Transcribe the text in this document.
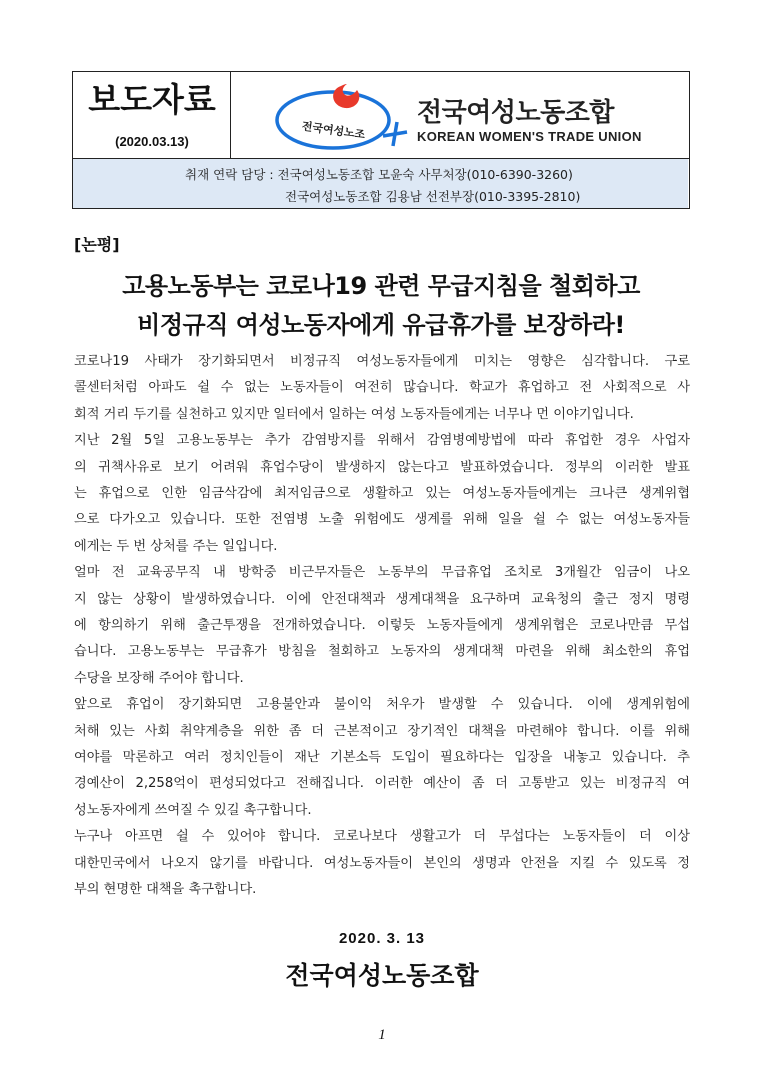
보도자료
(2020.03.13)
전국여성노조
전국여성노동조합
KOREAN WOMEN'S TRADE UNION
취재 연락 담당 : 전국여성노동조합 모윤숙 사무처장(010-6390-3260)
전국여성노동조합 김용남 선전부장(010-3395-2810)
[논평]
고용노동부는 코로나19 관련 무급지침을 철회하고
비정규직 여성노동자에게 유급휴가를 보장하라!
코로나19 사태가 장기화되면서 비정규직 여성노동자들에게 미치는 영향은 심각합니다. 구로
콜센터처럼 아파도 쉴 수 없는 노동자들이 여전히 많습니다. 학교가 휴업하고 전 사회적으로 사
회적 거리 두기를 실천하고 있지만 일터에서 일하는 여성 노동자들에게는 너무나 먼 이야기입니다.
지난 2월 5일 고용노동부는 추가 감염방지를 위해서 감염병예방법에 따라 휴업한 경우 사업자
의 귀책사유로 보기 어려워 휴업수당이 발생하지 않는다고 발표하였습니다. 정부의 이러한 발표
는 휴업으로 인한 임금삭감에 최저임금으로 생활하고 있는 여성노동자들에게는 크나큰 생계위협
으로 다가오고 있습니다. 또한 전염병 노출 위험에도 생계를 위해 일을 쉴 수 없는 여성노동자들
에게는 두 번 상처를 주는 일입니다.
얼마 전 교육공무직 내 방학중 비근무자들은 노동부의 무급휴업 조치로 3개월간 임금이 나오
지 않는 상황이 발생하였습니다. 이에 안전대책과 생계대책을 요구하며 교육청의 출근 정지 명령
에 항의하기 위해 출근투쟁을 전개하였습니다. 이렇듯 노동자들에게 생계위협은 코로나만큼 무섭
습니다. 고용노동부는 무급휴가 방침을 철회하고 노동자의 생계대책 마련을 위해 최소한의 휴업
수당을 보장해 주어야 합니다.
앞으로 휴업이 장기화되면 고용불안과 불이익 처우가 발생할 수 있습니다. 이에 생계위험에
처해 있는 사회 취약계층을 위한 좀 더 근본적이고 장기적인 대책을 마련해야 합니다. 이를 위해
여야를 막론하고 여러 정치인들이 재난 기본소득 도입이 필요하다는 입장을 내놓고 있습니다. 추
경예산이 2,258억이 편성되었다고 전해집니다. 이러한 예산이 좀 더 고통받고 있는 비정규직 여
성노동자에게 쓰여질 수 있길 촉구합니다.
누구나 아프면 쉴 수 있어야 합니다. 코로나보다 생활고가 더 무섭다는 노동자들이 더 이상
대한민국에서 나오지 않기를 바랍니다. 여성노동자들이 본인의 생명과 안전을 지킬 수 있도록 정
부의 현명한 대책을 촉구합니다.
2020. 3. 13
전국여성노동조합
1
